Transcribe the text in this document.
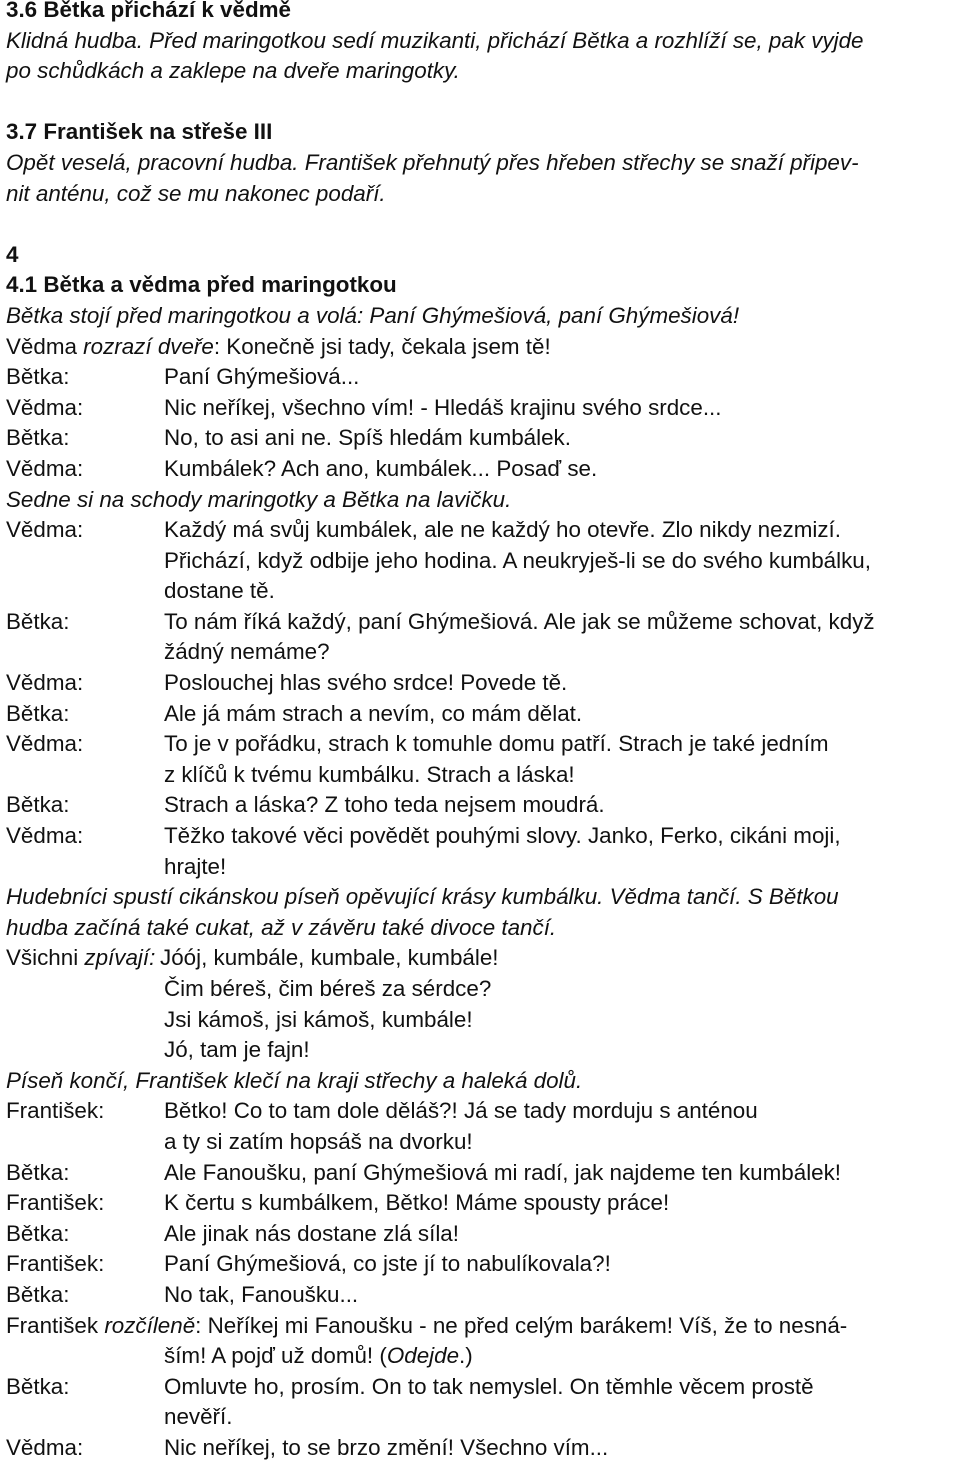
3.6 Bětka přichází k vědmě
Klidná hudba. Před maringotkou sedí muzikanti, přichází Bětka a rozhlíží se, pak vyjde
po schůdkách a zaklepe na dveře maringotky.
3.7 František na střeše III
Opět veselá, pracovní hudba. František přehnutý přes hřeben střechy se snaží připev-
nit anténu, což se mu nakonec podaří.
4
4.1 Bětka a vědma před maringotkou
Bětka stojí před maringotkou a volá: Paní Ghýmešiová, paní Ghýmešiová!
Vědma rozrazí dveře: Konečně jsi tady, čekala jsem tě!
Bětka:	Paní Ghýmešiová...
Vědma:	Nic neříkej, všechno vím! - Hledáš krajinu svého srdce...
Bětka:	No, to asi ani ne. Spíš hledám kumbálek.
Vědma:	Kumbálek? Ach ano, kumbálek... Posaď se.
Sedne si na schody maringotky a Bětka na lavičku.
Vědma:	Každý má svůj kumbálek, ale ne každý ho otevře. Zlo nikdy nezmizí.
Přichází, když odbije jeho hodina. A neukryješ-li se do svého kumbálku,
dostane tě.
Bětka:	To nám říká každý, paní Ghýmešiová. Ale jak se můžeme schovat, když
žádný nemáme?
Vědma:	Poslouchej hlas svého srdce! Povede tě.
Bětka:	Ale já mám strach a nevím, co mám dělat.
Vědma:	To je v pořádku, strach k tomuhle domu patří. Strach je také jedním
z klíčů k tvému kumbálku. Strach a láska!
Bětka:	Strach a láska? Z toho teda nejsem moudrá.
Vědma:	Těžko takové věci povědět pouhými slovy. Janko, Ferko, cikáni moji,
hrajte!
Hudebníci spustí cikánskou píseň opěvující krásy kumbálku. Vědma tančí. S Bětkou
hudba začíná také cukat, až v závěru také divoce tančí.
Všichni zpívají: Jóój, kumbále, kumbale, kumbále!
Čim béreš, čim béreš za sérdce?
Jsi kámoš, jsi kámoš, kumbále!
Jó, tam je fajn!
Píseň končí, František klečí na kraji střechy a haleká dolů.
František:	Bětko! Co to tam dole děláš?! Já se tady morduju s anténou
a ty si zatím hopsáš na dvorku!
Bětka:	Ale Fanoušku, paní Ghýmešiová mi radí, jak najdeme ten kumbálek!
František:	K čertu s kumbálkem, Bětko! Máme spousty práce!
Bětka:	Ale jinak nás dostane zlá síla!
František:	Paní Ghýmešiová, co jste jí to nabulíkovala?!
Bětka:	No tak, Fanoušku...
František rozčíleně: Neříkej mi Fanoušku - ne před celým barákem! Víš, že to nesná-
ším! A pojď už domů! (Odejde.)
Bětka:	Omluvte ho, prosím. On to tak nemyslel. On těmhle věcem prostě
nevěří.
Vědma:	Nic neříkej, to se brzo změní! Všechno vím...
